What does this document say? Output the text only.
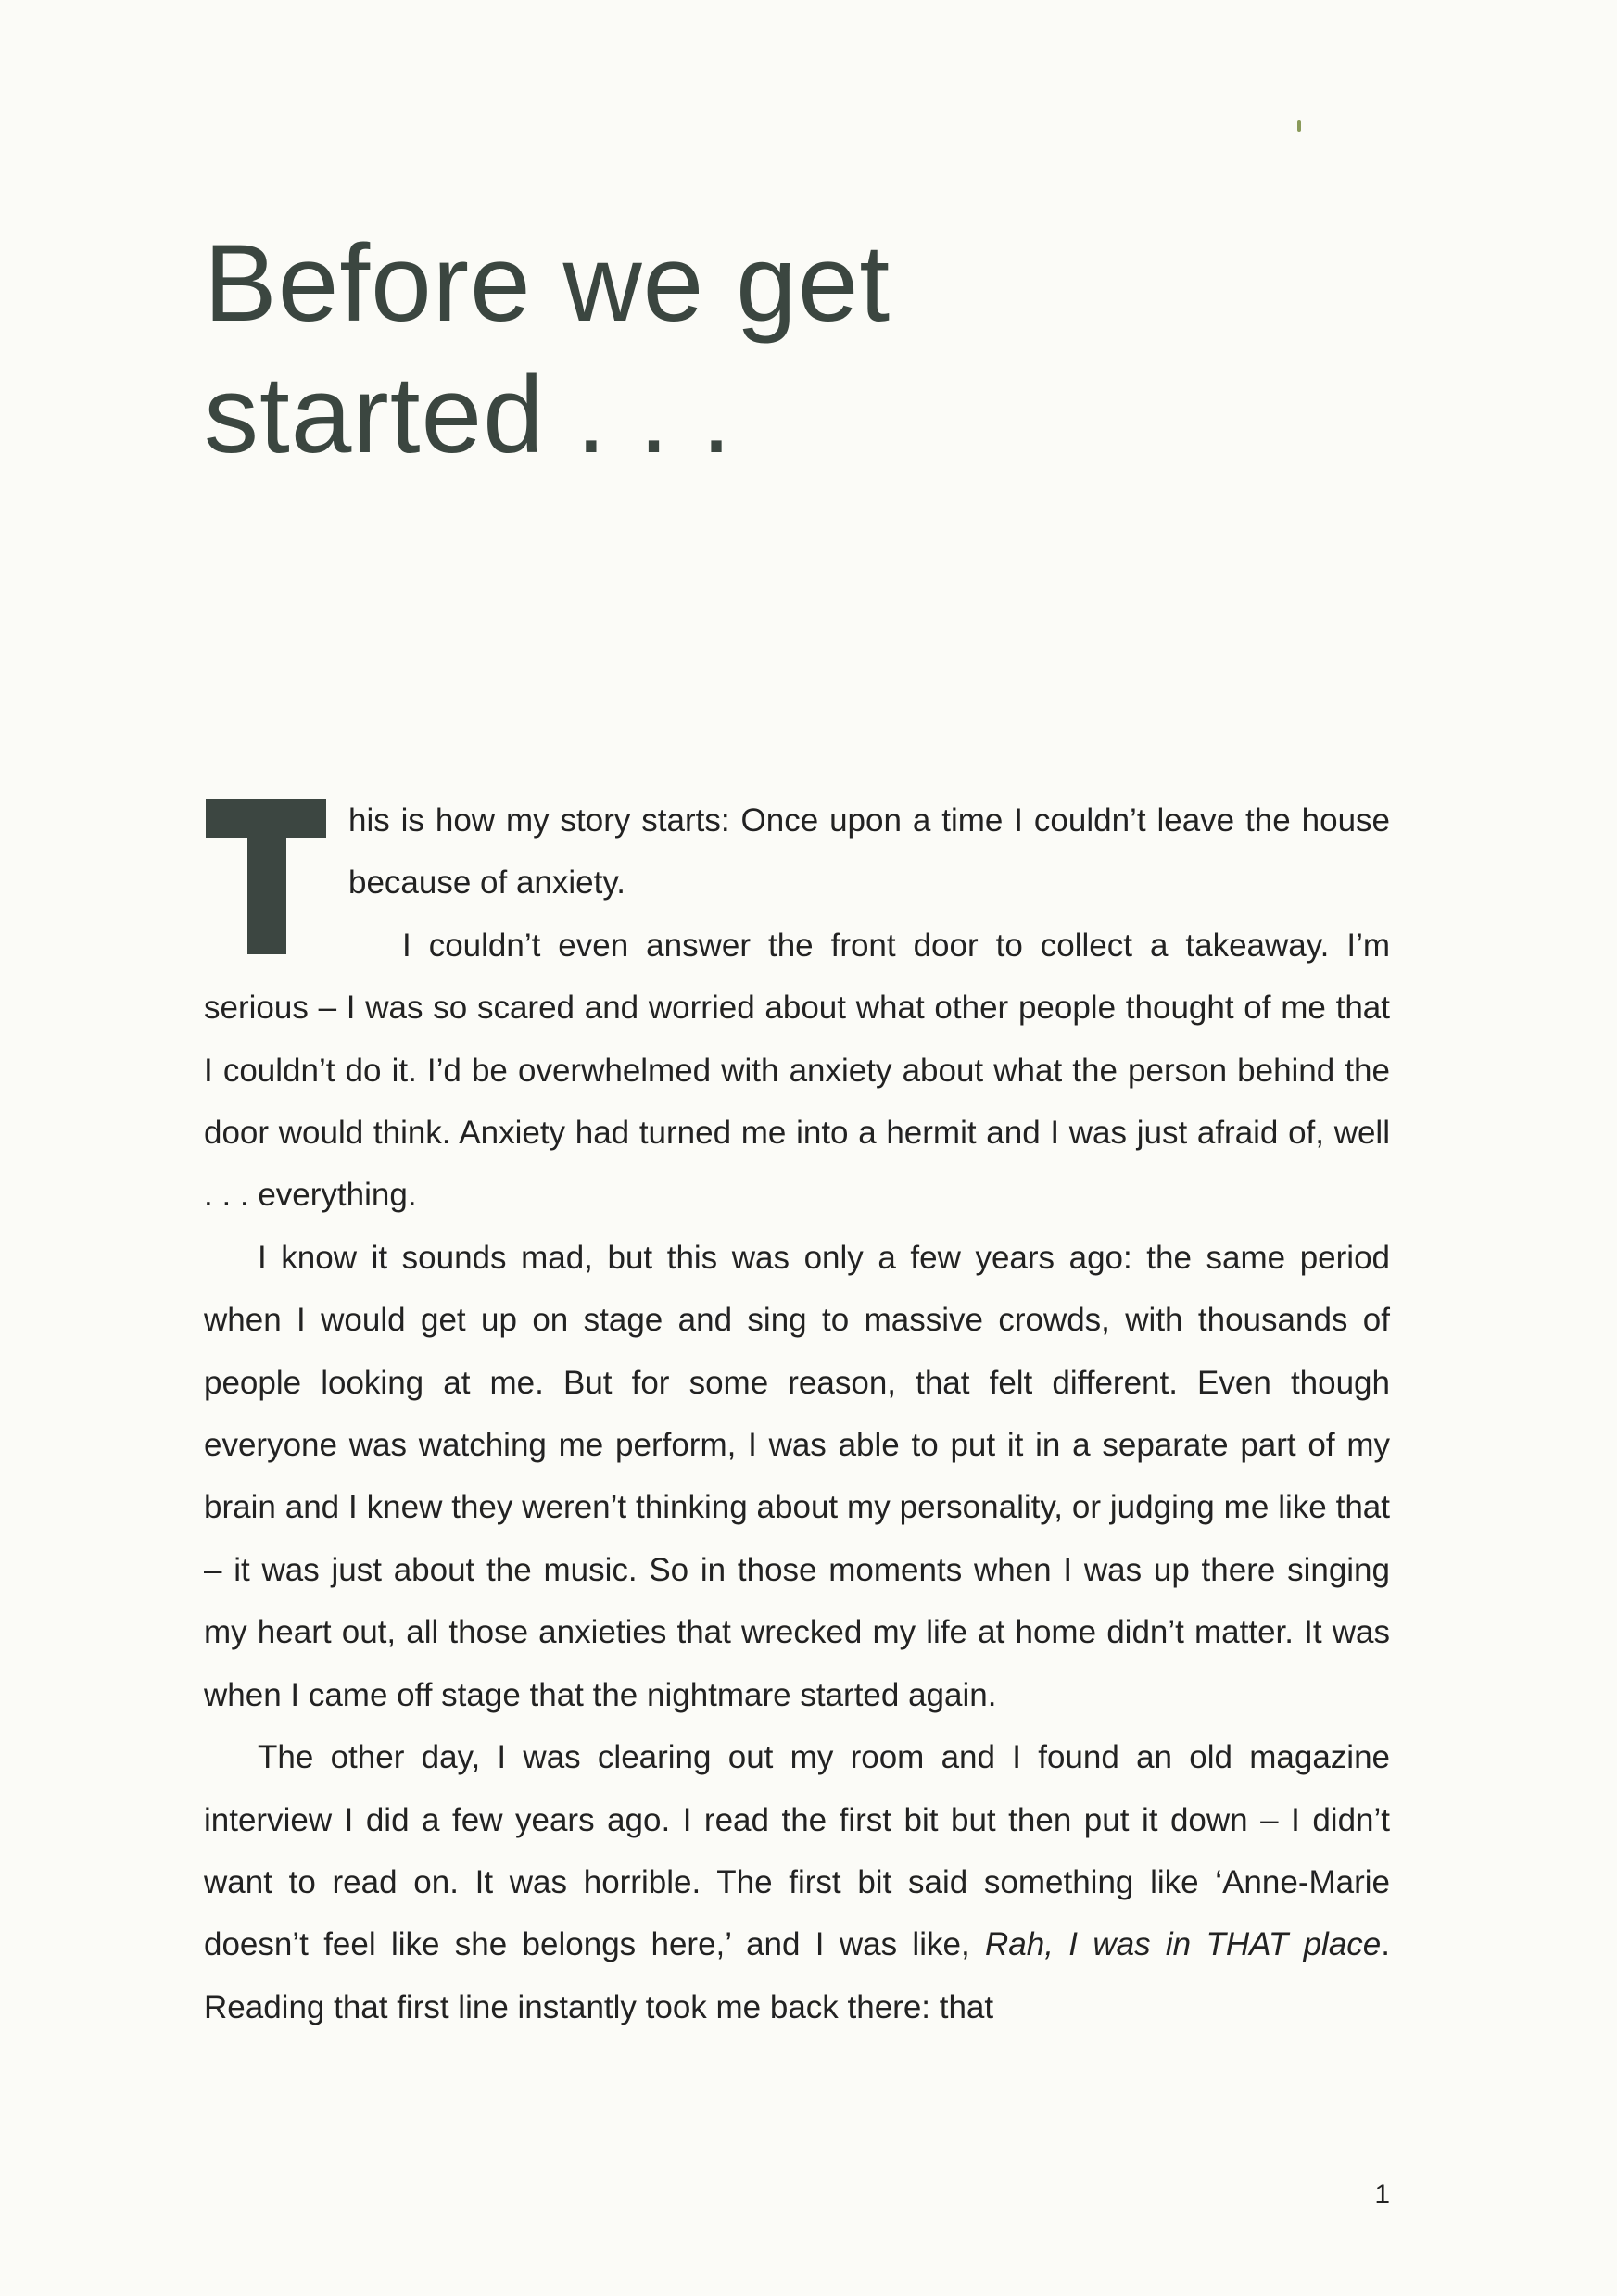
Before we get
started . . .

his is how my story starts: Once upon a time I couldn’t leave the house because of anxiety.

I couldn’t even answer the front door to collect a takeaway. I’m serious – I was so scared and worried about what other people thought of me that I couldn’t do it. I’d be overwhelmed with anxiety about what the person behind the door would think. Anxiety had turned me into a hermit and I was just afraid of, well . . . everything.

I know it sounds mad, but this was only a few years ago: the same period when I would get up on stage and sing to massive crowds, with thousands of people looking at me. But for some reason, that felt different. Even though everyone was watching me perform, I was able to put it in a separate part of my brain and I knew they weren’t thinking about my personality, or judging me like that – it was just about the music. So in those moments when I was up there singing my heart out, all those anxieties that wrecked my life at home didn’t matter. It was when I came off stage that the nightmare started again.

The other day, I was clearing out my room and I found an old magazine interview I did a few years ago. I read the first bit but then put it down – I didn’t want to read on. It was horrible. The first bit said something like ‘Anne-Marie doesn’t feel like she belongs here,’ and I was like, Rah, I was in THAT place. Reading that first line instantly took me back there: that

1
